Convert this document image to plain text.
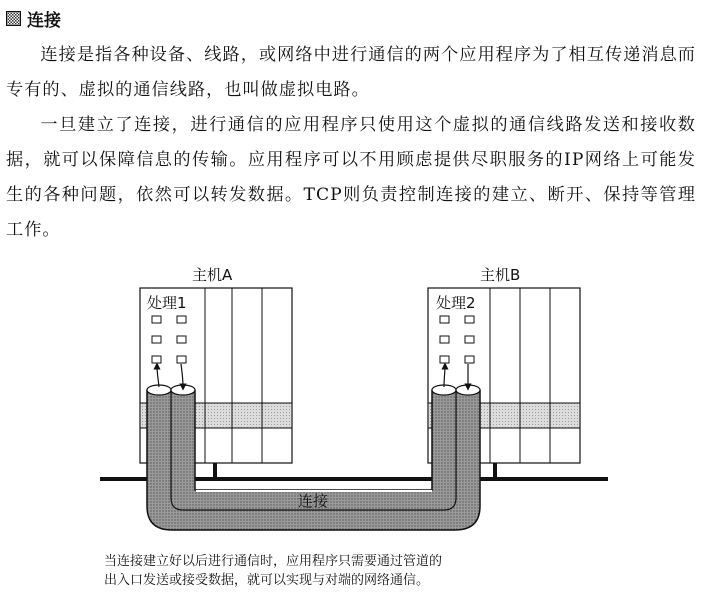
连接

连接是指各种设备、线路，或网络中进行通信的两个应用程序为了相互传递消息而专有的、虚拟的通信线路，也叫做虚拟电路。

一旦建立了连接，进行通信的应用程序只使用这个虚拟的通信线路发送和接收数据，就可以保障信息的传输。应用程序可以不用顾虑提供尽职服务的IP网络上可能发生的各种问题，依然可以转发数据。TCP则负责控制连接的建立、断开、保持等管理工作。

主机A	主机B
处理1	处理2
连接

当连接建立好以后进行通信时，应用程序只需要通过管道的
出入口发送或接受数据，就可以实现与对端的网络通信。
